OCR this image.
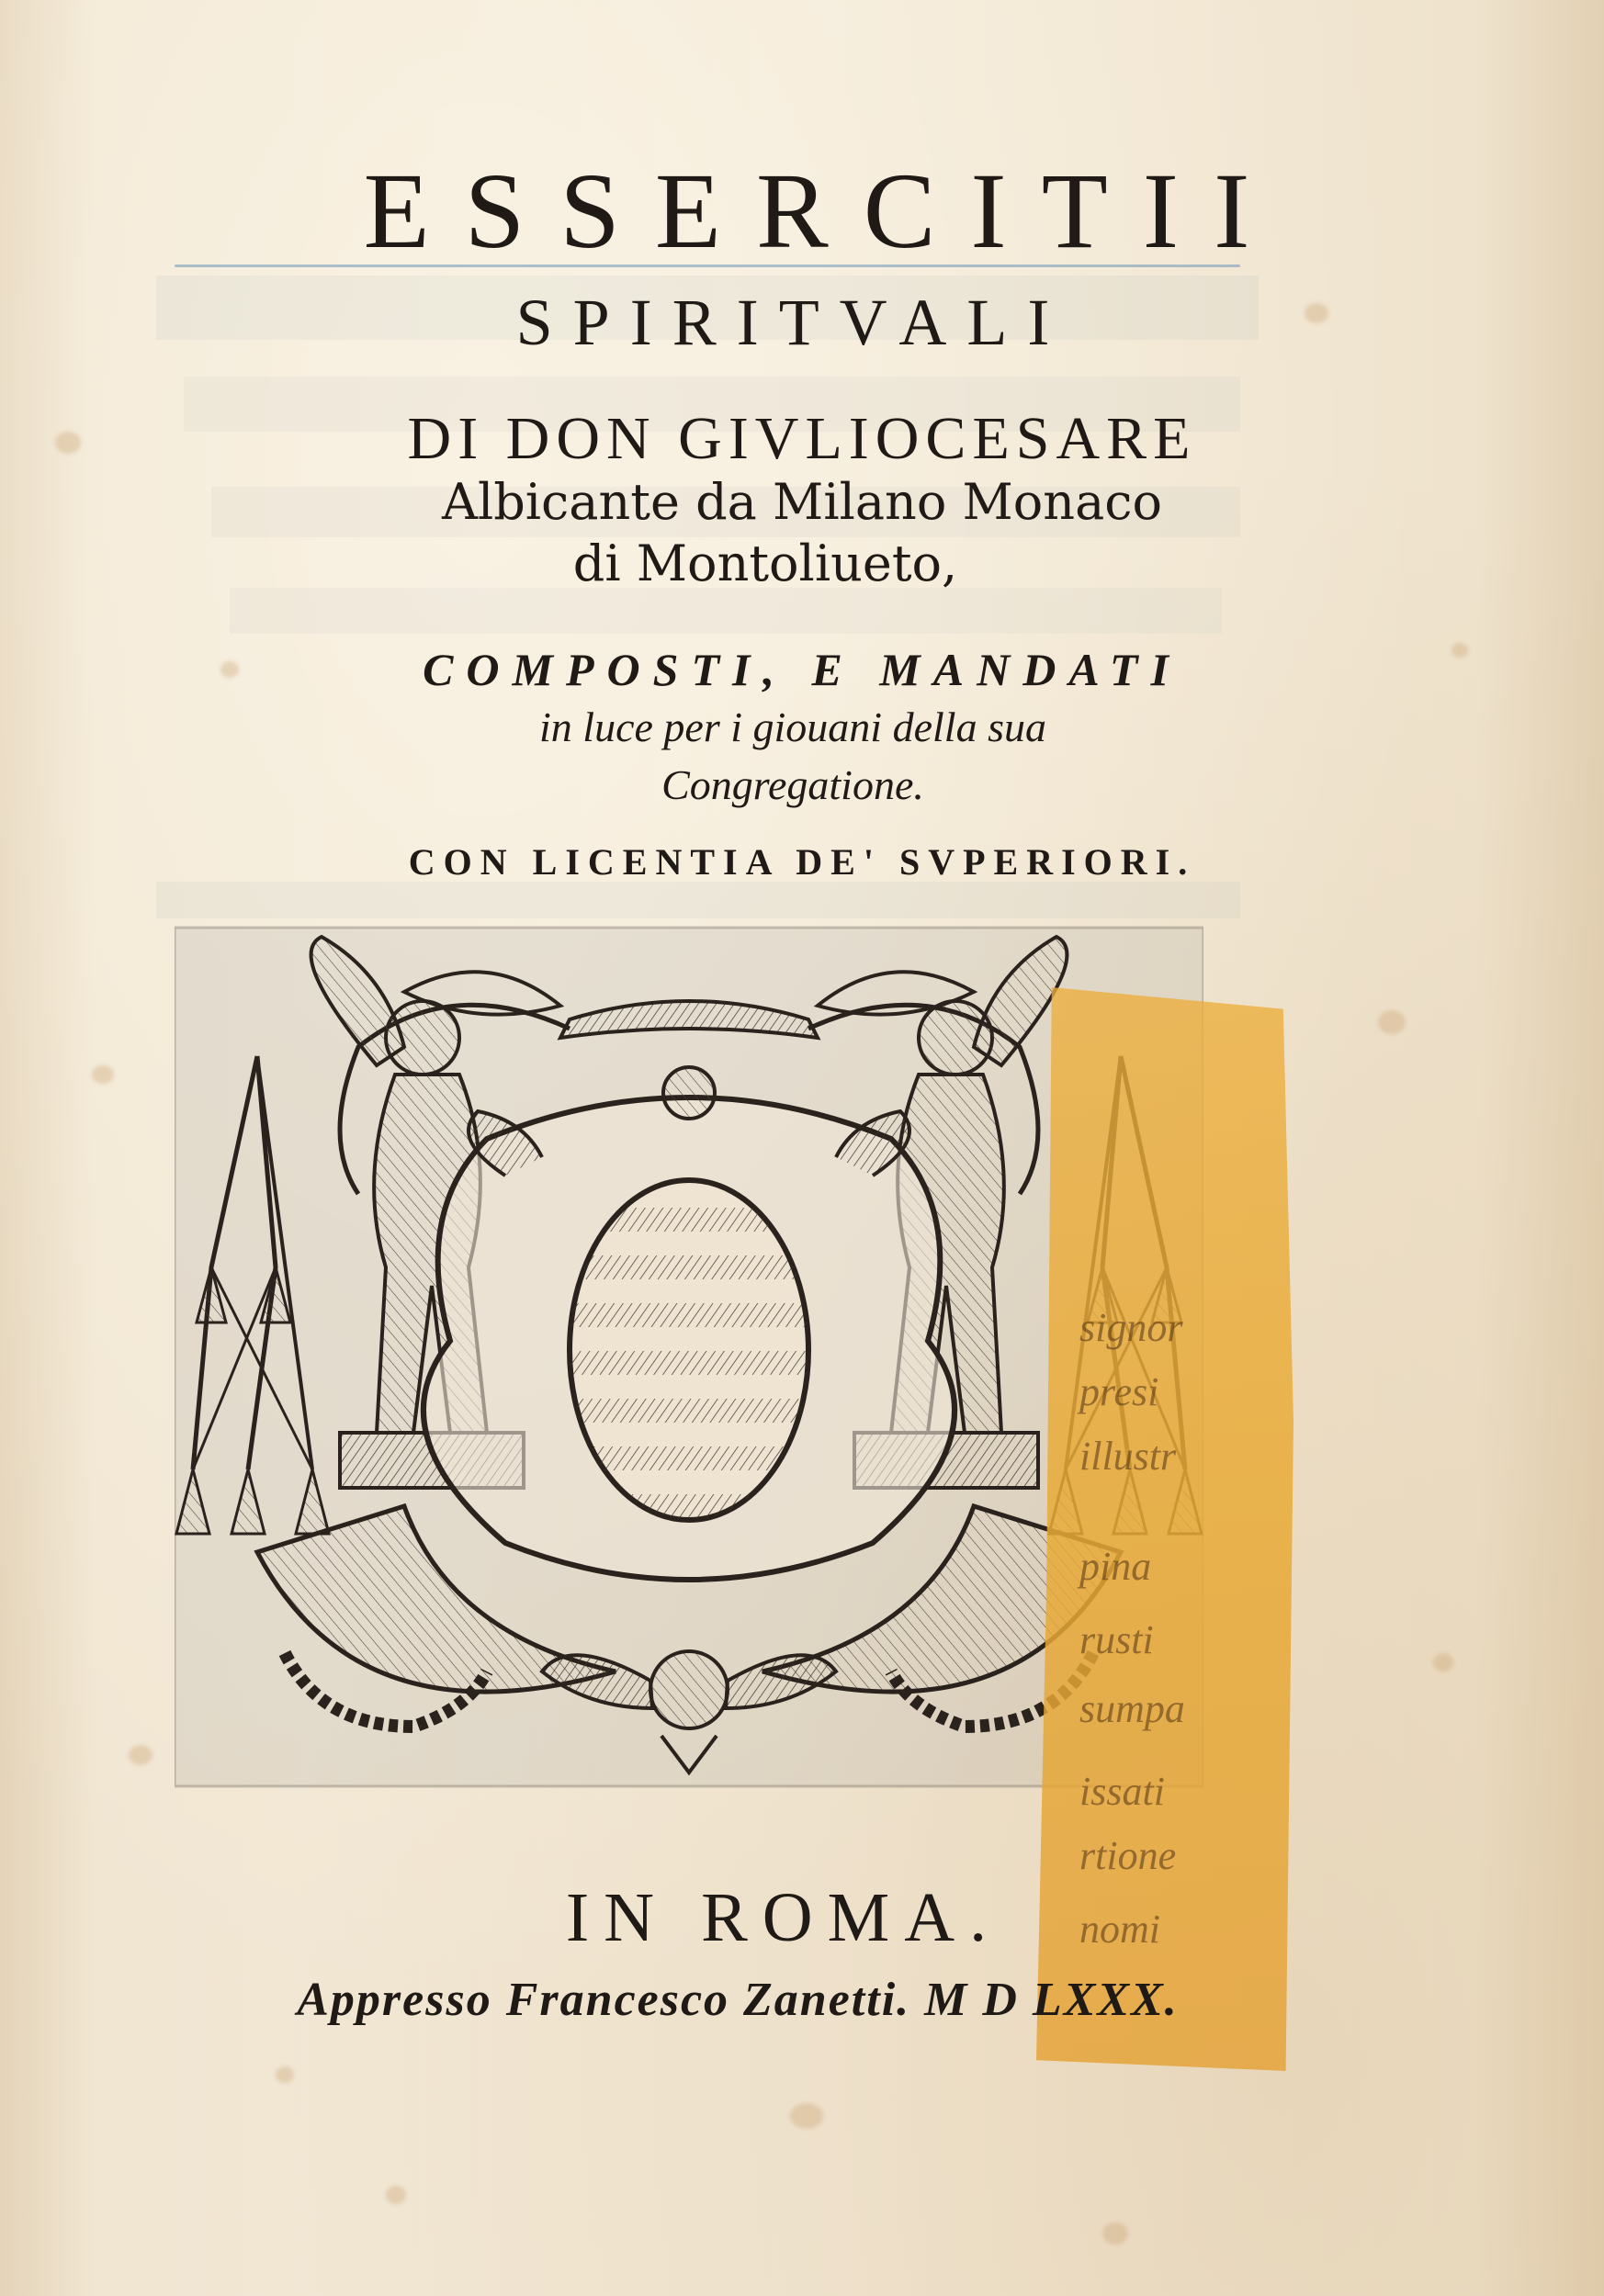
ESSERCITII
SPIRITVALI
DI DON GIVLIOCESARE
Albicante da Milano Monaco
di Montoliueto,
COMPOSTI, E MANDATI
in luce per i giouani della sua
Congregatione.
CON LICENTIA DE' SVPERIORI.
signor
presi
illustr
pina
rusti
sumpa
issati
rtione
nomi
IN ROMA.
Appresso Francesco Zanetti. M D LXXX.
